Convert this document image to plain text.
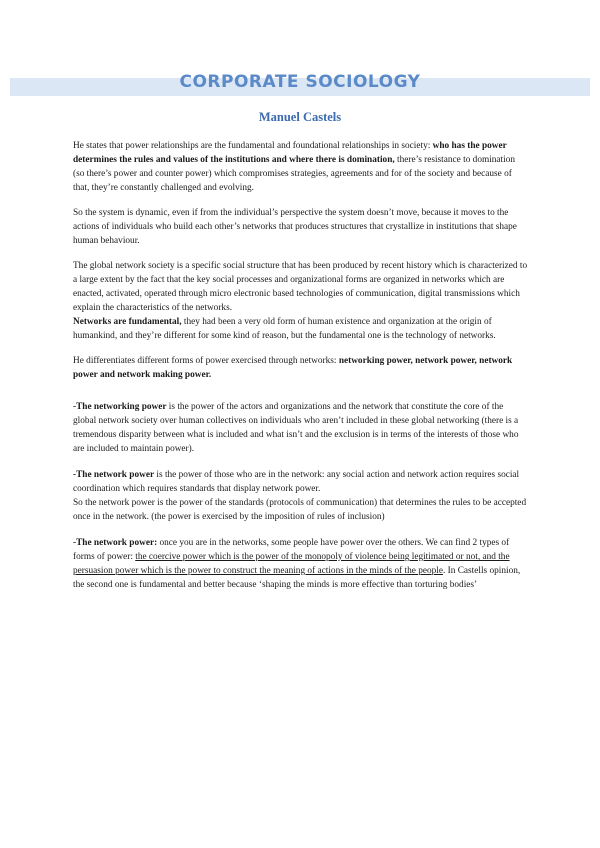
CORPORATE SOCIOLOGY
Manuel Castels

He states that power relationships are the fundamental and foundational relationships in society: who has the power determines the rules and values of the institutions and where there is domination, there’s resistance to domination (so there’s power and counter power) which compromises strategies, agreements and for of the society and because of that, they’re constantly challenged and evolving.

So the system is dynamic, even if from the individual’s perspective the system doesn’t move, because it moves to the actions of individuals who build each other’s networks that produces structures that crystallize in institutions that shape human behaviour.

The global network society is a specific social structure that has been produced by recent history which is characterized to a large extent by the fact that the key social processes and organizational forms are organized in networks which are enacted, activated, operated through micro electronic based technologies of communication, digital transmissions which explain the characteristics of the networks.

Networks are fundamental, they had been a very old form of human existence and organization at the origin of humankind, and they’re different for some kind of reason, but the fundamental one is the technology of networks.

He differentiates different forms of power exercised through networks: networking power, network power, network power and network making power.

-The networking power is the power of the actors and organizations and the network that constitute the core of the global network society over human collectives on individuals who aren’t included in these global networking (there is a tremendous disparity between what is included and what isn’t and the exclusion is in terms of the interests of those who are included to maintain power).

-The network power is the power of those who are in the network: any social action and network action requires social coordination which requires standards that display network power.

So the network power is the power of the standards (protocols of communication) that determines the rules to be accepted once in the network. (the power is exercised by the imposition of rules of inclusion)

-The network power: once you are in the networks, some people have power over the others. We can find 2 types of forms of power: the coercive power which is the power of the monopoly of violence being legitimated or not, and the persuasion power which is the power to construct the meaning of actions in the minds of the people. In Castells opinion, the second one is fundamental and better because ‘shaping the minds is more effective than torturing bodies’
